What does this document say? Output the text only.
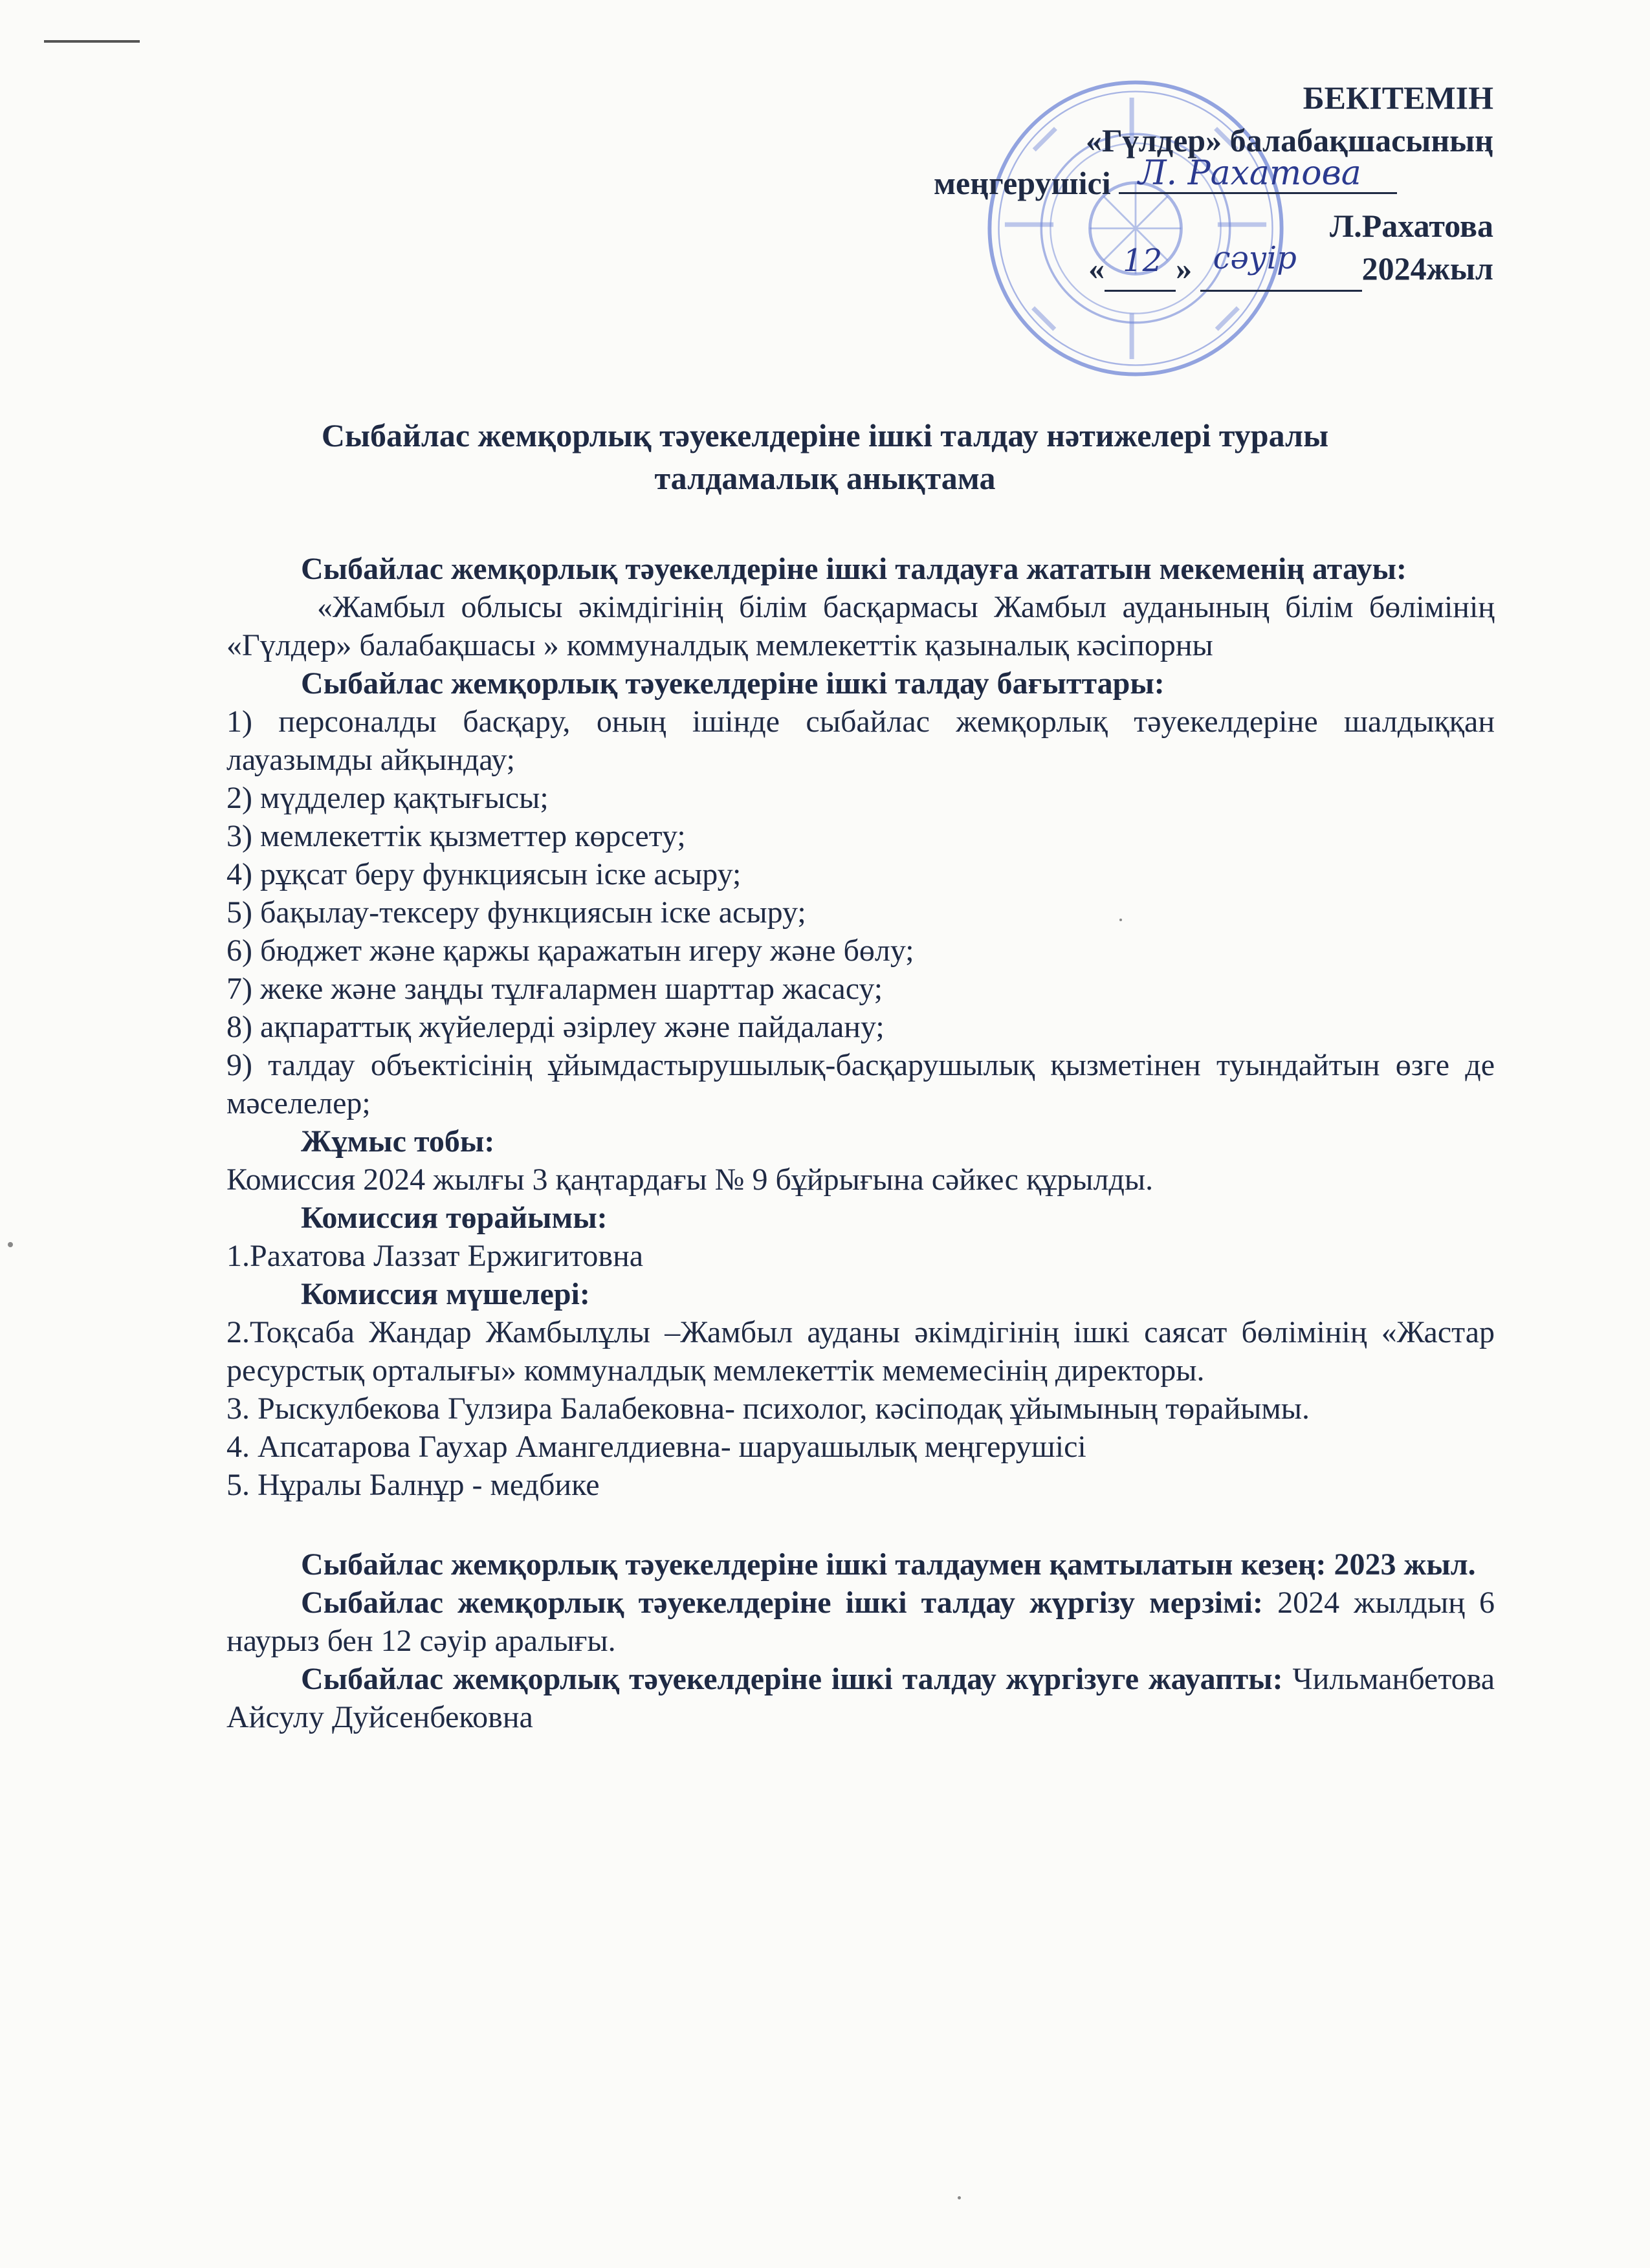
БЕКІТЕМІН
«Гүлдер» балабақшасының
меңгерушісі Л. Рахатова
Л.Рахатова
« 12 » сәуір 2024жыл
Сыбайлас жемқорлық тәуекелдеріне ішкі талдау нәтижелері туралы
талдамалық анықтама

Сыбайлас жемқорлық тәуекелдеріне ішкі талдауға жататын мекеменің атауы:

«Жамбыл облысы әкімдігінің білім басқармасы Жамбыл ауданының білім бөлімінің «Гүлдер» балабақшасы » коммуналдық мемлекеттік қазыналық кәсіпорны

Сыбайлас жемқорлық тәуекелдеріне ішкі талдау бағыттары:

1) персоналды басқару, оның ішінде сыбайлас жемқорлық тәуекелдеріне шалдыққан лауазымды айқындау;

2) мүдделер қақтығысы;

3) мемлекеттік қызметтер көрсету;

4) рұқсат беру функциясын іске асыру;

5) бақылау-тексеру функциясын іске асыру;

6) бюджет және қаржы қаражатын игеру және бөлу;

7) жеке және заңды тұлғалармен шарттар жасасу;

8) ақпараттық жүйелерді әзірлеу және пайдалану;

9) талдау объектісінің ұйымдастырушылық-басқарушылық қызметінен туындайтын өзге де мәселелер;

Жұмыс тобы:

Комиссия 2024 жылғы 3 қаңтардағы № 9 бұйрығына сәйкес құрылды.

Комиссия төрайымы:

1.Рахатова Лаззат Ержигитовна

Комиссия мүшелері:

2.Тоқсаба Жандар Жамбылұлы –Жамбыл ауданы әкімдігінің ішкі саясат бөлімінің «Жастар ресурстық орталығы» коммуналдық мемлекеттік мемемесінің директоры.

3. Рыскулбекова Гулзира Балабековна- психолог, кәсіподақ ұйымының төрайымы.

4. Апсатарова Гаухар Амангелдиевна- шаруашылық меңгерушісі

5. Нұралы Балнұр - медбике

Сыбайлас жемқорлық тәуекелдеріне ішкі талдаумен қамтылатын кезең: 2023 жыл.

Сыбайлас жемқорлық тәуекелдеріне ішкі талдау жүргізу мерзімі: 2024 жылдың 6 наурыз бен 12 сәуір аралығы.

Сыбайлас жемқорлық тәуекелдеріне ішкі талдау жүргізуге жауапты: Чильманбетова Айсулу Дуйсенбековна
